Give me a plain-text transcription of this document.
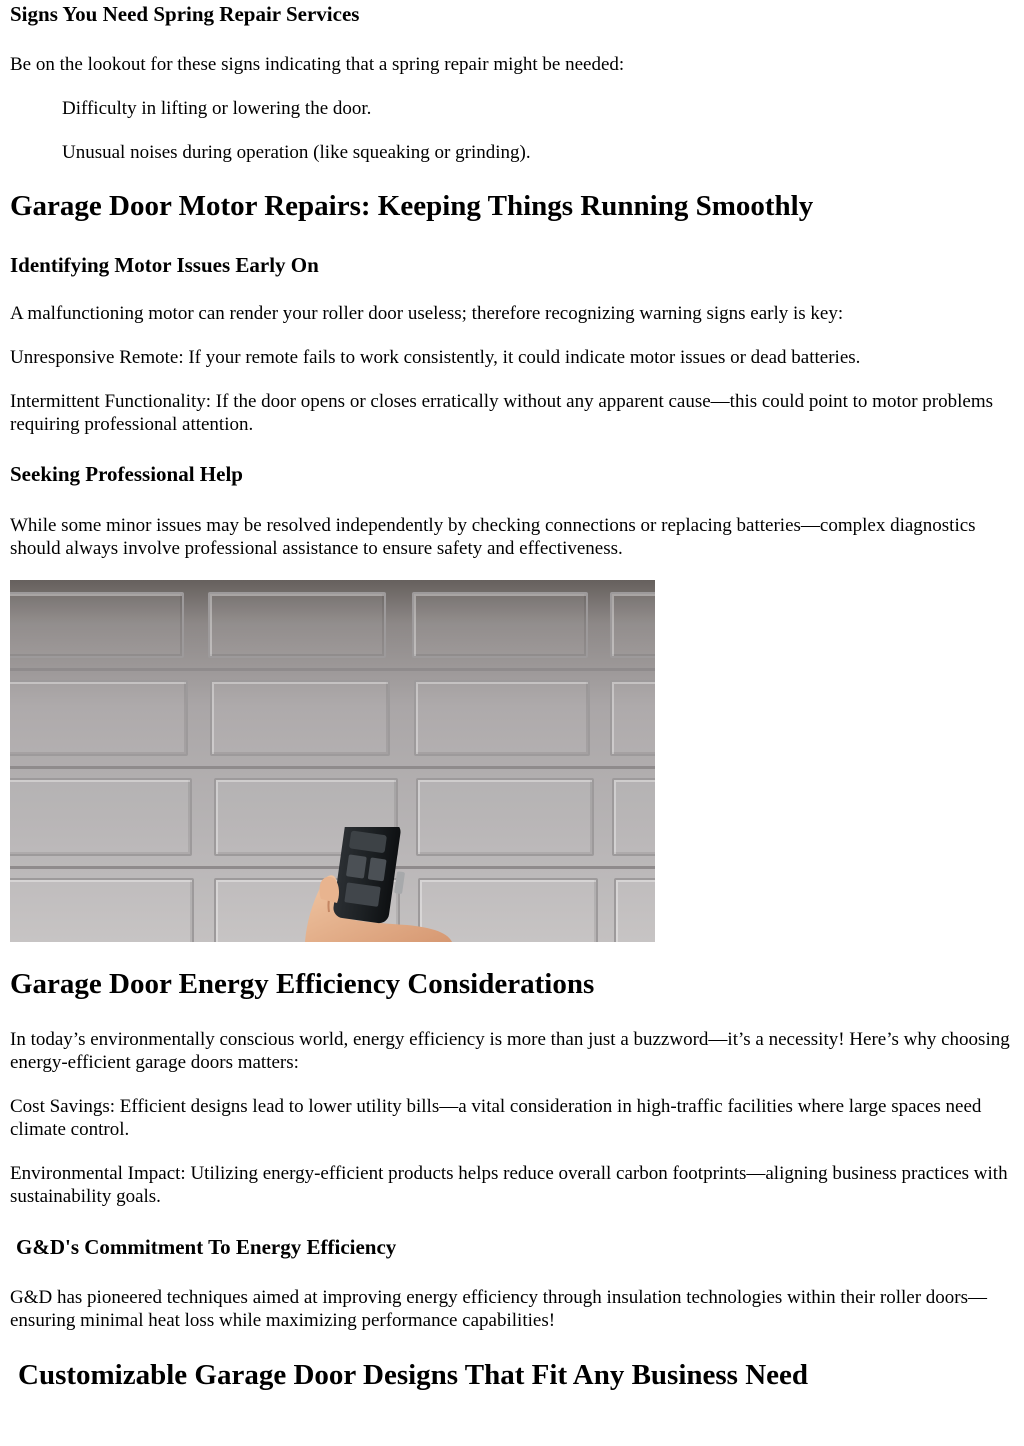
Signs You Need Spring Repair Services

Be on the lookout for these signs indicating that a spring repair might be needed:

Difficulty in lifting or lowering the door.

Unusual noises during operation (like squeaking or grinding).

Garage Door Motor Repairs: Keeping Things Running Smoothly
Identifying Motor Issues Early On

A malfunctioning motor can render your roller door useless; therefore recognizing warning signs early is key:

Unresponsive Remote: If your remote fails to work consistently, it could indicate motor issues or dead batteries.

Intermittent Functionality: If the door opens or closes erratically without any apparent cause—this could point to motor problems requiring professional attention.

Seeking Professional Help

While some minor issues may be resolved independently by checking connections or replacing batteries—complex diagnostics should always involve professional assistance to ensure safety and effectiveness.

Garage Door Energy Efficiency Considerations

In today’s environmentally conscious world, energy efficiency is more than just a buzzword—it’s a necessity! Here’s why choosing energy-efficient garage doors matters:

Cost Savings: Efficient designs lead to lower utility bills—a vital consideration in high-traffic facilities where large spaces need climate control.

Environmental Impact: Utilizing energy-efficient products helps reduce overall carbon footprints—aligning business practices with sustainability goals.

G&D's Commitment To Energy Efficiency

G&D has pioneered techniques aimed at improving energy efficiency through insulation technologies within their roller doors—ensuring minimal heat loss while maximizing performance capabilities!

Customizable Garage Door Designs That Fit Any Business Need
